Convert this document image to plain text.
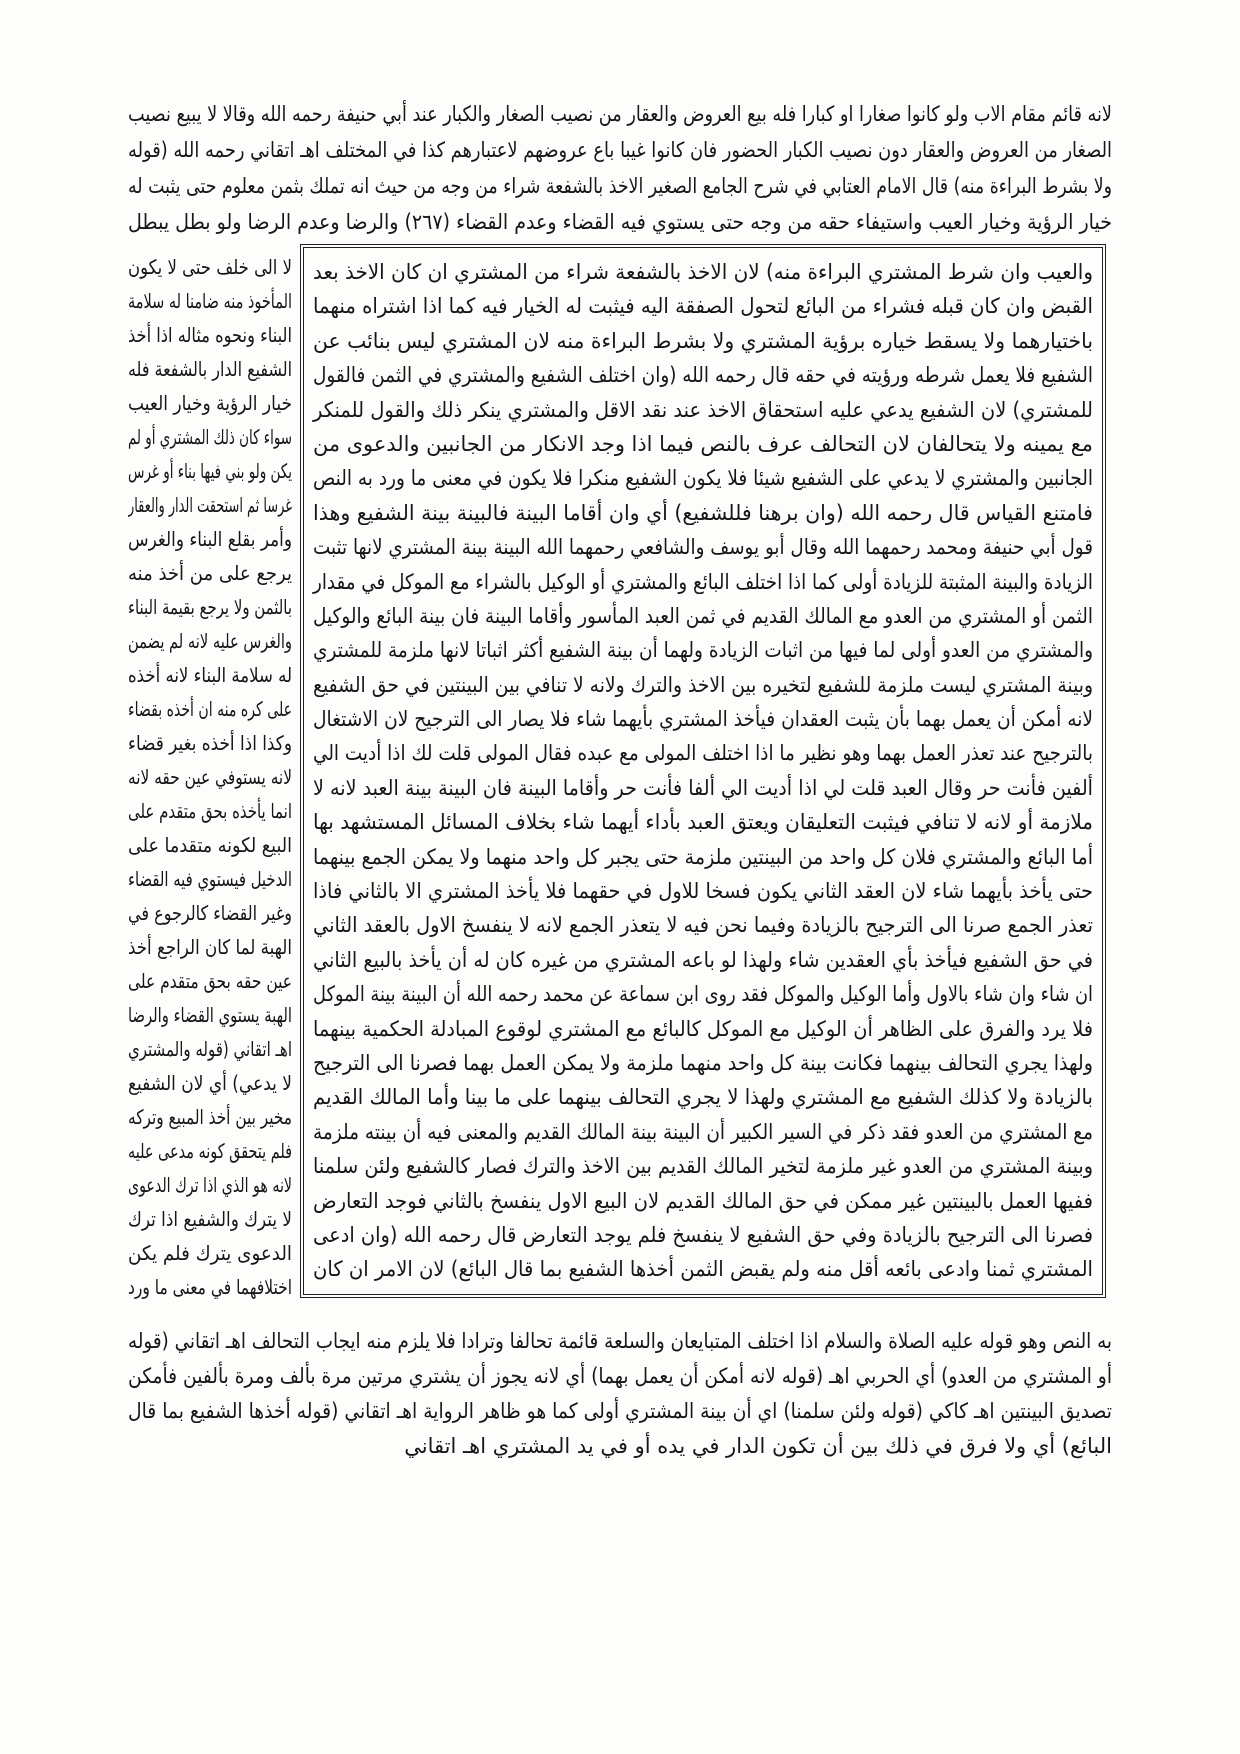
لانه قائم مقام الاب ولو كانوا صغارا او كبارا فله بيع العروض والعقار من نصيب الصغار والكبار عند أبي حنيفة رحمه الله وقالا لا يبيع نصيب
الصغار من العروض والعقار دون نصيب الكبار الحضور فان كانوا غيبا باع عروضهم لاعتبارهم كذا في المختلف اهـ اتقاني رحمه الله (قوله
ولا بشرط البراءة منه) قال الامام العتابي في شرح الجامع الصغير الاخذ بالشفعة شراء من وجه من حيث انه تملك بثمن معلوم حتى يثبت له
خيار الرؤية وخيار العيب واستيفاء حقه من وجه حتى يستوي فيه القضاء وعدم القضاء (٢٦٧) والرضا وعدم الرضا ولو بطل يبطل
لا الى خلف حتى لا يكون
المأخوذ منه ضامنا له سلامة
البناء ونحوه مثاله اذا أخذ
الشفيع الدار بالشفعة فله
خيار الرؤية وخيار العيب
سواء كان ذلك المشتري أو لم
يكن ولو بني فيها بناء أو غرس
غرسا ثم استحقت الدار والعقار
وأمر بقلع البناء والغرس
يرجع على من أخذ منه
بالثمن ولا يرجع بقيمة البناء
والغرس عليه لانه لم يضمن
له سلامة البناء لانه أخذه
على كره منه ان أخذه بقضاء
وكذا اذا أخذه بغير قضاء
لانه يستوفي عين حقه لانه
انما يأخذه بحق متقدم على
البيع لكونه متقدما على
الدخيل فيستوي فيه القضاء
وغير القضاء كالرجوع في
الهبة لما كان الراجع أخذ
عين حقه بحق متقدم على
الهبة يستوي القضاء والرضا
اهـ اتقاني (قوله والمشتري
لا يدعي) أي لان الشفيع
مخير بين أخذ المبيع وتركه
فلم يتحقق كونه مدعى عليه
لانه هو الذي اذا ترك الدعوى
لا يترك والشفيع اذا ترك
الدعوى يترك فلم يكن
اختلافهما في معنى ما ورد
والعيب وان شرط المشتري البراءة منه) لان الاخذ بالشفعة شراء من المشتري ان كان الاخذ بعد
القبض وان كان قبله فشراء من البائع لتحول الصفقة اليه فيثبت له الخيار فيه كما اذا اشتراه منهما
باختيارهما ولا يسقط خياره برؤية المشتري ولا بشرط البراءة منه لان المشتري ليس بنائب عن
الشفيع فلا يعمل شرطه ورؤيته في حقه قال رحمه الله (وان اختلف الشفيع والمشتري في الثمن فالقول
للمشتري) لان الشفيع يدعي عليه استحقاق الاخذ عند نقد الاقل والمشتري ينكر ذلك والقول للمنكر
مع يمينه ولا يتحالفان لان التحالف عرف بالنص فيما اذا وجد الانكار من الجانبين والدعوى من
الجانبين والمشتري لا يدعي على الشفيع شيئا فلا يكون الشفيع منكرا فلا يكون في معنى ما ورد به النص
فامتنع القياس قال رحمه الله (وان برهنا فللشفيع) أي وان أقاما البينة فالبينة بينة الشفيع وهذا
قول أبي حنيفة ومحمد رحمهما الله وقال أبو يوسف والشافعي رحمهما الله البينة بينة المشتري لانها تثبت
الزيادة والبينة المثبتة للزيادة أولى كما اذا اختلف البائع والمشتري أو الوكيل بالشراء مع الموكل في مقدار
الثمن أو المشتري من العدو مع المالك القديم في ثمن العبد المأسور وأقاما البينة فان بينة البائع والوكيل
والمشتري من العدو أولى لما فيها من اثبات الزيادة ولهما أن بينة الشفيع أكثر اثباتا لانها ملزمة للمشتري
وبينة المشتري ليست ملزمة للشفيع لتخيره بين الاخذ والترك ولانه لا تنافي بين البينتين في حق الشفيع
لانه أمكن أن يعمل بهما بأن يثبت العقدان فيأخذ المشتري بأيهما شاء فلا يصار الى الترجيح لان الاشتغال
بالترجيح عند تعذر العمل بهما وهو نظير ما اذا اختلف المولى مع عبده فقال المولى قلت لك اذا أديت الي
ألفين فأنت حر وقال العبد قلت لي اذا أديت الي ألفا فأنت حر وأقاما البينة فان البينة بينة العبد لانه لا
ملازمة أو لانه لا تنافي فيثبت التعليقان ويعتق العبد بأداء أيهما شاء بخلاف المسائل المستشهد بها
أما البائع والمشتري فلان كل واحد من البينتين ملزمة حتى يجبر كل واحد منهما ولا يمكن الجمع بينهما
حتى يأخذ بأيهما شاء لان العقد الثاني يكون فسخا للاول في حقهما فلا يأخذ المشتري الا بالثاني فاذا
تعذر الجمع صرنا الى الترجيح بالزيادة وفيما نحن فيه لا يتعذر الجمع لانه لا ينفسخ الاول بالعقد الثاني
في حق الشفيع فيأخذ بأي العقدين شاء ولهذا لو باعه المشتري من غيره كان له أن يأخذ بالبيع الثاني
ان شاء وان شاء بالاول وأما الوكيل والموكل فقد روى ابن سماعة عن محمد رحمه الله أن البينة بينة الموكل
فلا يرد والفرق على الظاهر أن الوكيل مع الموكل كالبائع مع المشتري لوقوع المبادلة الحكمية بينهما
ولهذا يجري التحالف بينهما فكانت بينة كل واحد منهما ملزمة ولا يمكن العمل بهما فصرنا الى الترجيح
بالزيادة ولا كذلك الشفيع مع المشتري ولهذا لا يجري التحالف بينهما على ما بينا وأما المالك القديم
مع المشتري من العدو فقد ذكر في السير الكبير أن البينة بينة المالك القديم والمعنى فيه أن بينته ملزمة
وبينة المشتري من العدو غير ملزمة لتخير المالك القديم بين الاخذ والترك فصار كالشفيع ولئن سلمنا
ففيها العمل بالبينتين غير ممكن في حق المالك القديم لان البيع الاول ينفسخ بالثاني فوجد التعارض
فصرنا الى الترجيح بالزيادة وفي حق الشفيع لا ينفسخ فلم يوجد التعارض قال رحمه الله (وان ادعى
المشتري ثمنا وادعى بائعه أقل منه ولم يقبض الثمن أخذها الشفيع بما قال البائع) لان الامر ان كان
به النص وهو قوله عليه الصلاة والسلام اذا اختلف المتبايعان والسلعة قائمة تحالفا وترادا فلا يلزم منه ايجاب التحالف اهـ اتقاني (قوله
أو المشتري من العدو) أي الحربي اهـ (قوله لانه أمكن أن يعمل بهما) أي لانه يجوز أن يشتري مرتين مرة بألف ومرة بألفين فأمكن
تصديق البينتين اهـ كاكي (قوله ولئن سلمنا) اي أن بينة المشتري أولى كما هو ظاهر الرواية اهـ اتقاني (قوله أخذها الشفيع بما قال
البائع) أي ولا فرق في ذلك بين أن تكون الدار في يده أو في يد المشتري اهـ اتقاني
